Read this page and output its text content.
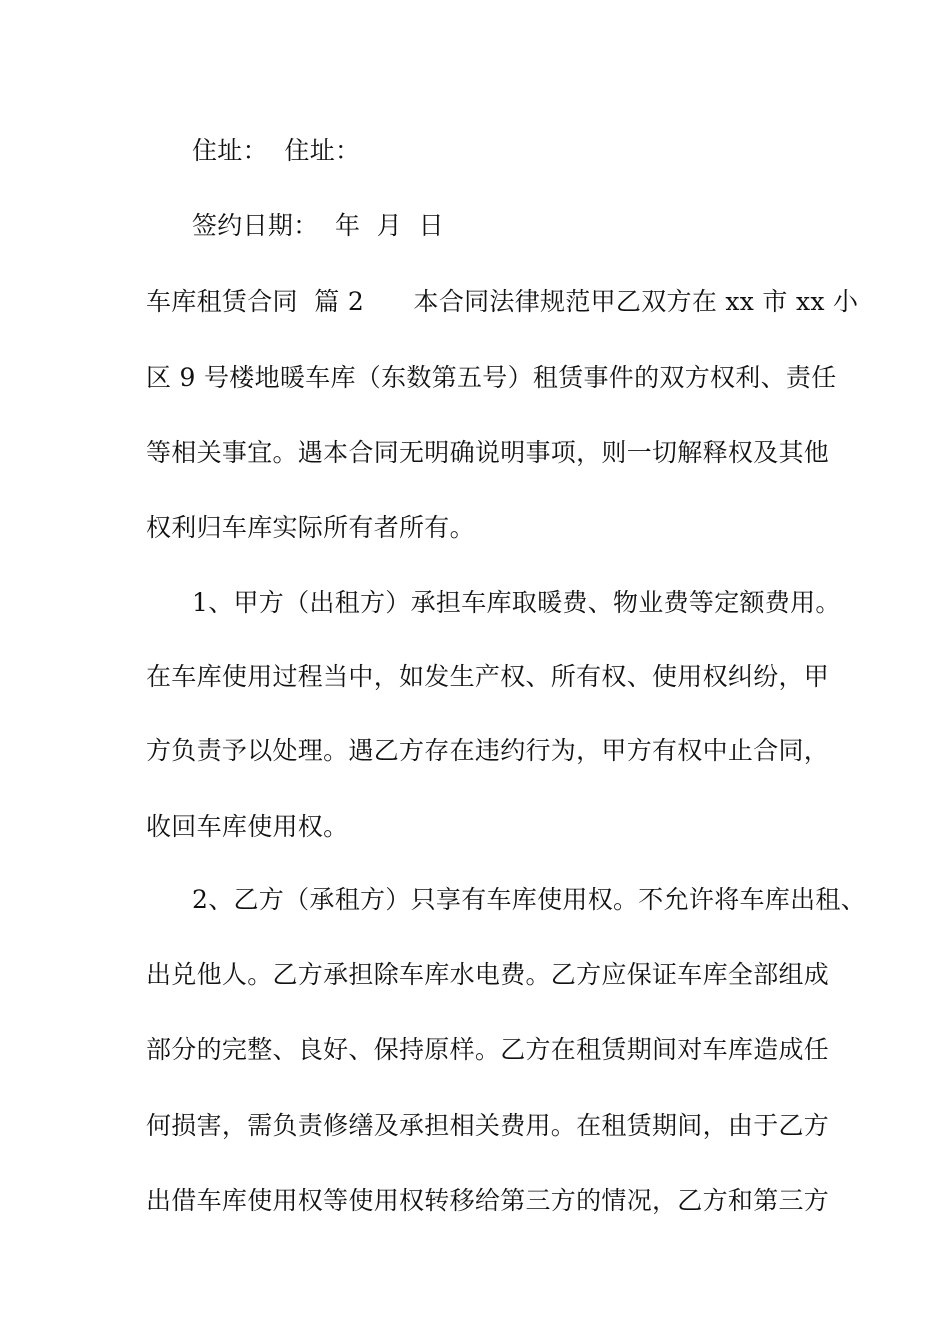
住址：  住址：
签约日期：  年  月  日
车库租赁合同  篇 2      本合同法律规范甲乙双方在 xx 市 xx 小
区 9 号楼地暖车库（东数第五号）租赁事件的双方权利、责任
等相关事宜。遇本合同无明确说明事项，则一切解释权及其他
权利归车库实际所有者所有。
1、甲方（出租方）承担车库取暖费、物业费等定额费用。
在车库使用过程当中，如发生产权、所有权、使用权纠纷，甲
方负责予以处理。遇乙方存在违约行为，甲方有权中止合同，
收回车库使用权。
2、乙方（承租方）只享有车库使用权。不允许将车库出租、
出兑他人。乙方承担除车库水电费。乙方应保证车库全部组成
部分的完整、良好、保持原样。乙方在租赁期间对车库造成任
何损害，需负责修缮及承担相关费用。在租赁期间，由于乙方
出借车库使用权等使用权转移给第三方的情况，乙方和第三方
